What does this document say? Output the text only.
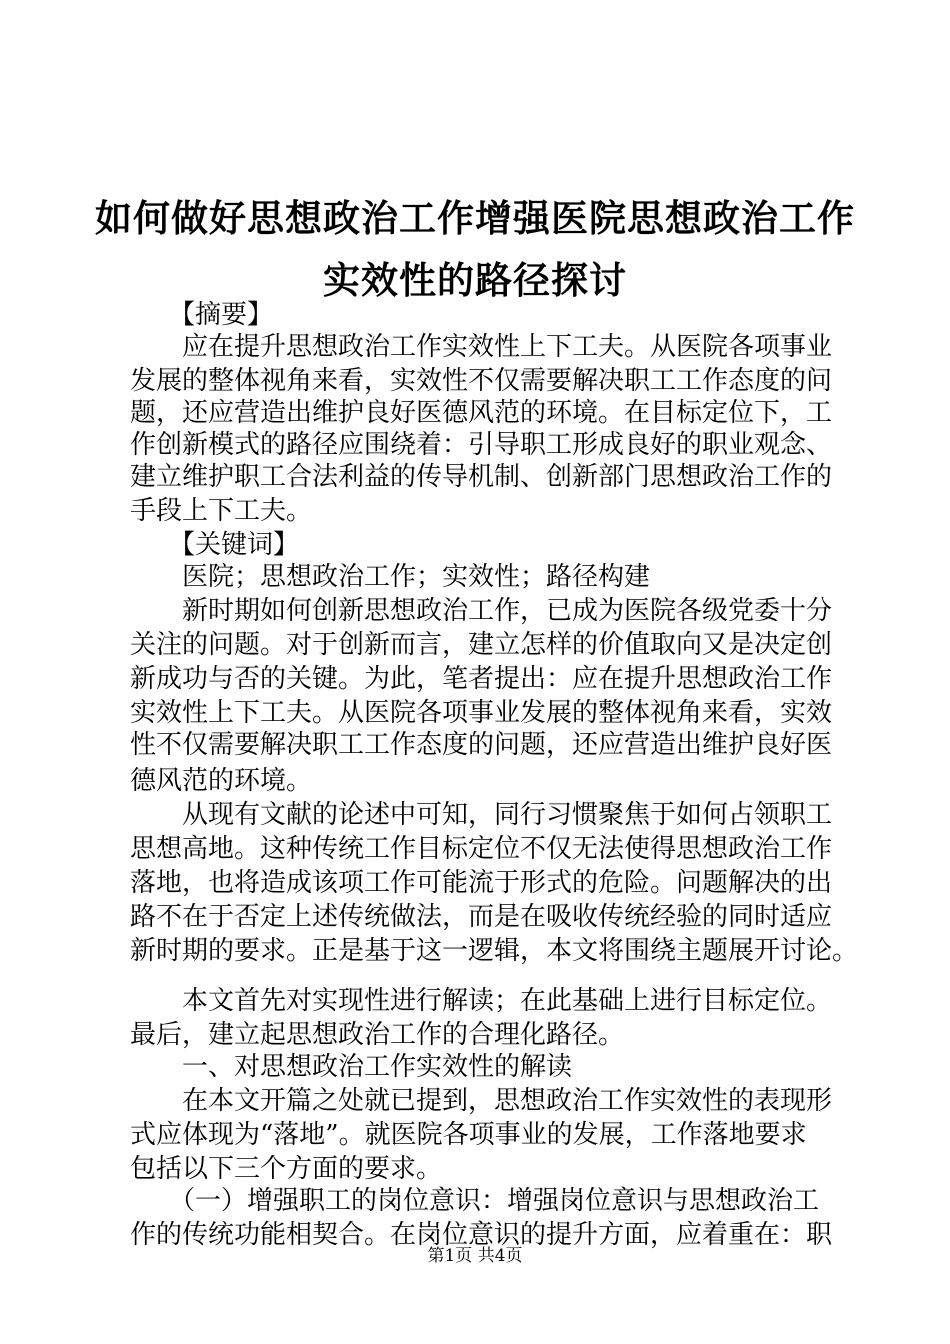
如何做好思想政治工作增强医院思想政治工作
实效性的路径探讨
　　【摘要】
　　应在提升思想政治工作实效性上下工夫。从医院各项事业
发展的整体视角来看，实效性不仅需要解决职工工作态度的问
题，还应营造出维护良好医德风范的环境。在目标定位下，工
作创新模式的路径应围绕着：引导职工形成良好的职业观念、
建立维护职工合法利益的传导机制、创新部门思想政治工作的
手段上下工夫。
　　【关键词】
　　医院；思想政治工作；实效性；路径构建
　　新时期如何创新思想政治工作，已成为医院各级党委十分
关注的问题。对于创新而言，建立怎样的价值取向又是决定创
新成功与否的关键。为此，笔者提出：应在提升思想政治工作
实效性上下工夫。从医院各项事业发展的整体视角来看，实效
性不仅需要解决职工工作态度的问题，还应营造出维护良好医
德风范的环境。
　　从现有文献的论述中可知，同行习惯聚焦于如何占领职工
思想高地。这种传统工作目标定位不仅无法使得思想政治工作
落地，也将造成该项工作可能流于形式的危险。问题解决的出
路不在于否定上述传统做法，而是在吸收传统经验的同时适应
新时期的要求。正是基于这一逻辑，本文将围绕主题展开讨论。
　　本文首先对实现性进行解读；在此基础上进行目标定位。
最后，建立起思想政治工作的合理化路径。
　　一、对思想政治工作实效性的解读
　　在本文开篇之处就已提到，思想政治工作实效性的表现形
式应体现为“落地”。就医院各项事业的发展，工作落地要求
包括以下三个方面的要求。
　　（一）增强职工的岗位意识：增强岗位意识与思想政治工
作的传统功能相契合。在岗位意识的提升方面，应着重在：职
第1页 共4页
